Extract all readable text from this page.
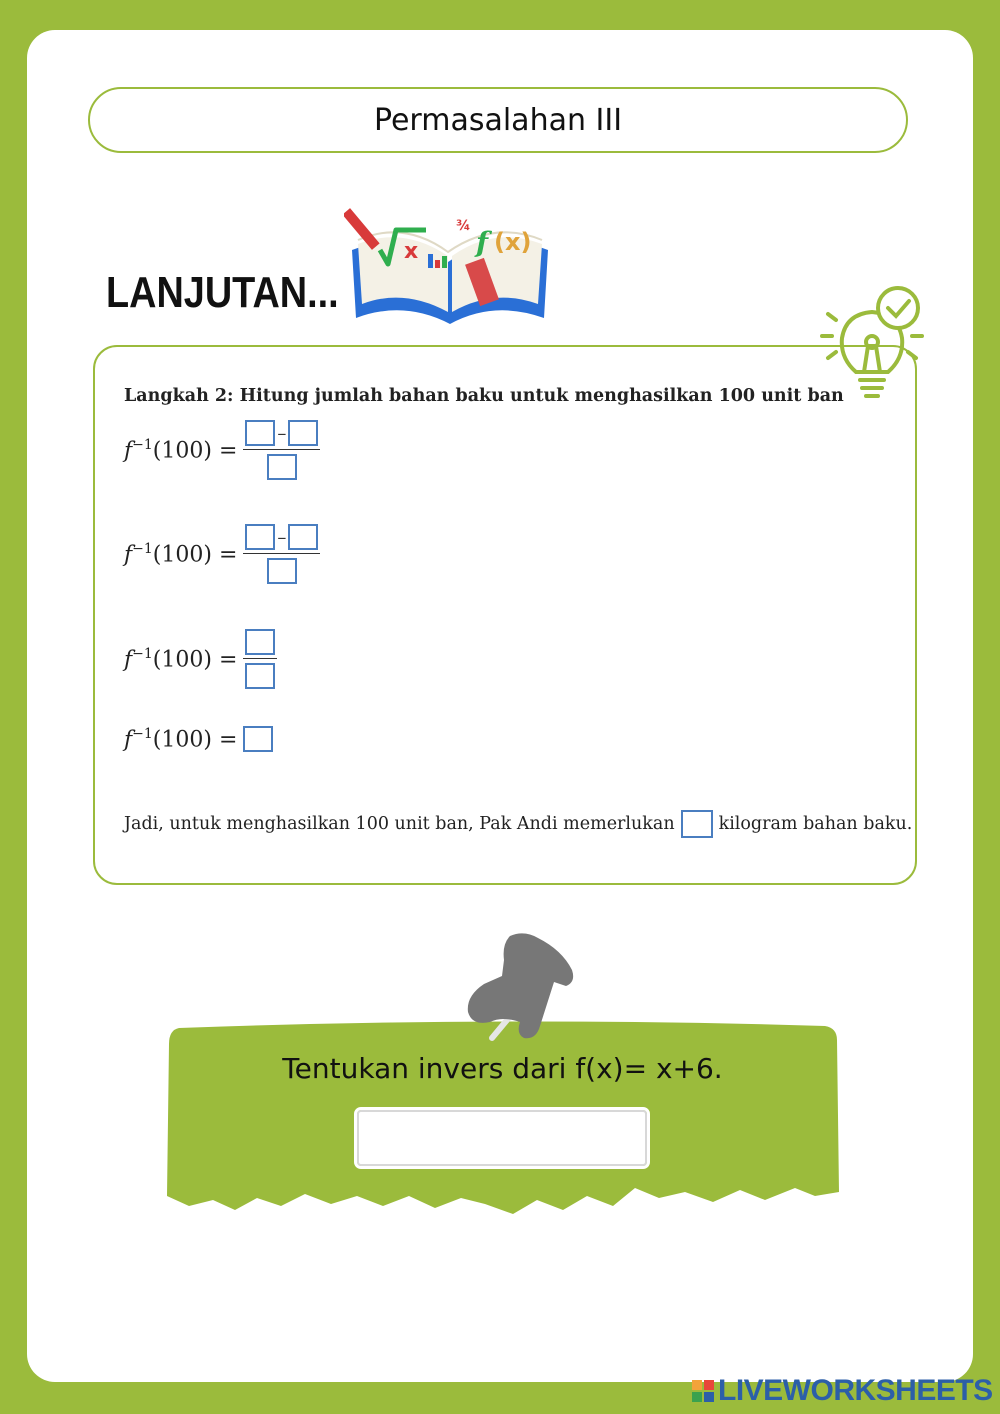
Permasalahan III
LANJUTAN...
x
¾ f (x)
Langkah 2: Hitung jumlah bahan baku untuk menghasilkan 100 unit ban
$f^{-1}(100)$ =
–
$f^{-1}(100)$ =
–
$f^{-1}(100)$ =
$f^{-1}(100)$ =
Jadi, untuk menghasilkan 100 unit ban, Pak Andi memerlukan	kilogram bahan baku.
Tentukan invers dari f(x)= x+6.
LIVEWORKSHEETS
